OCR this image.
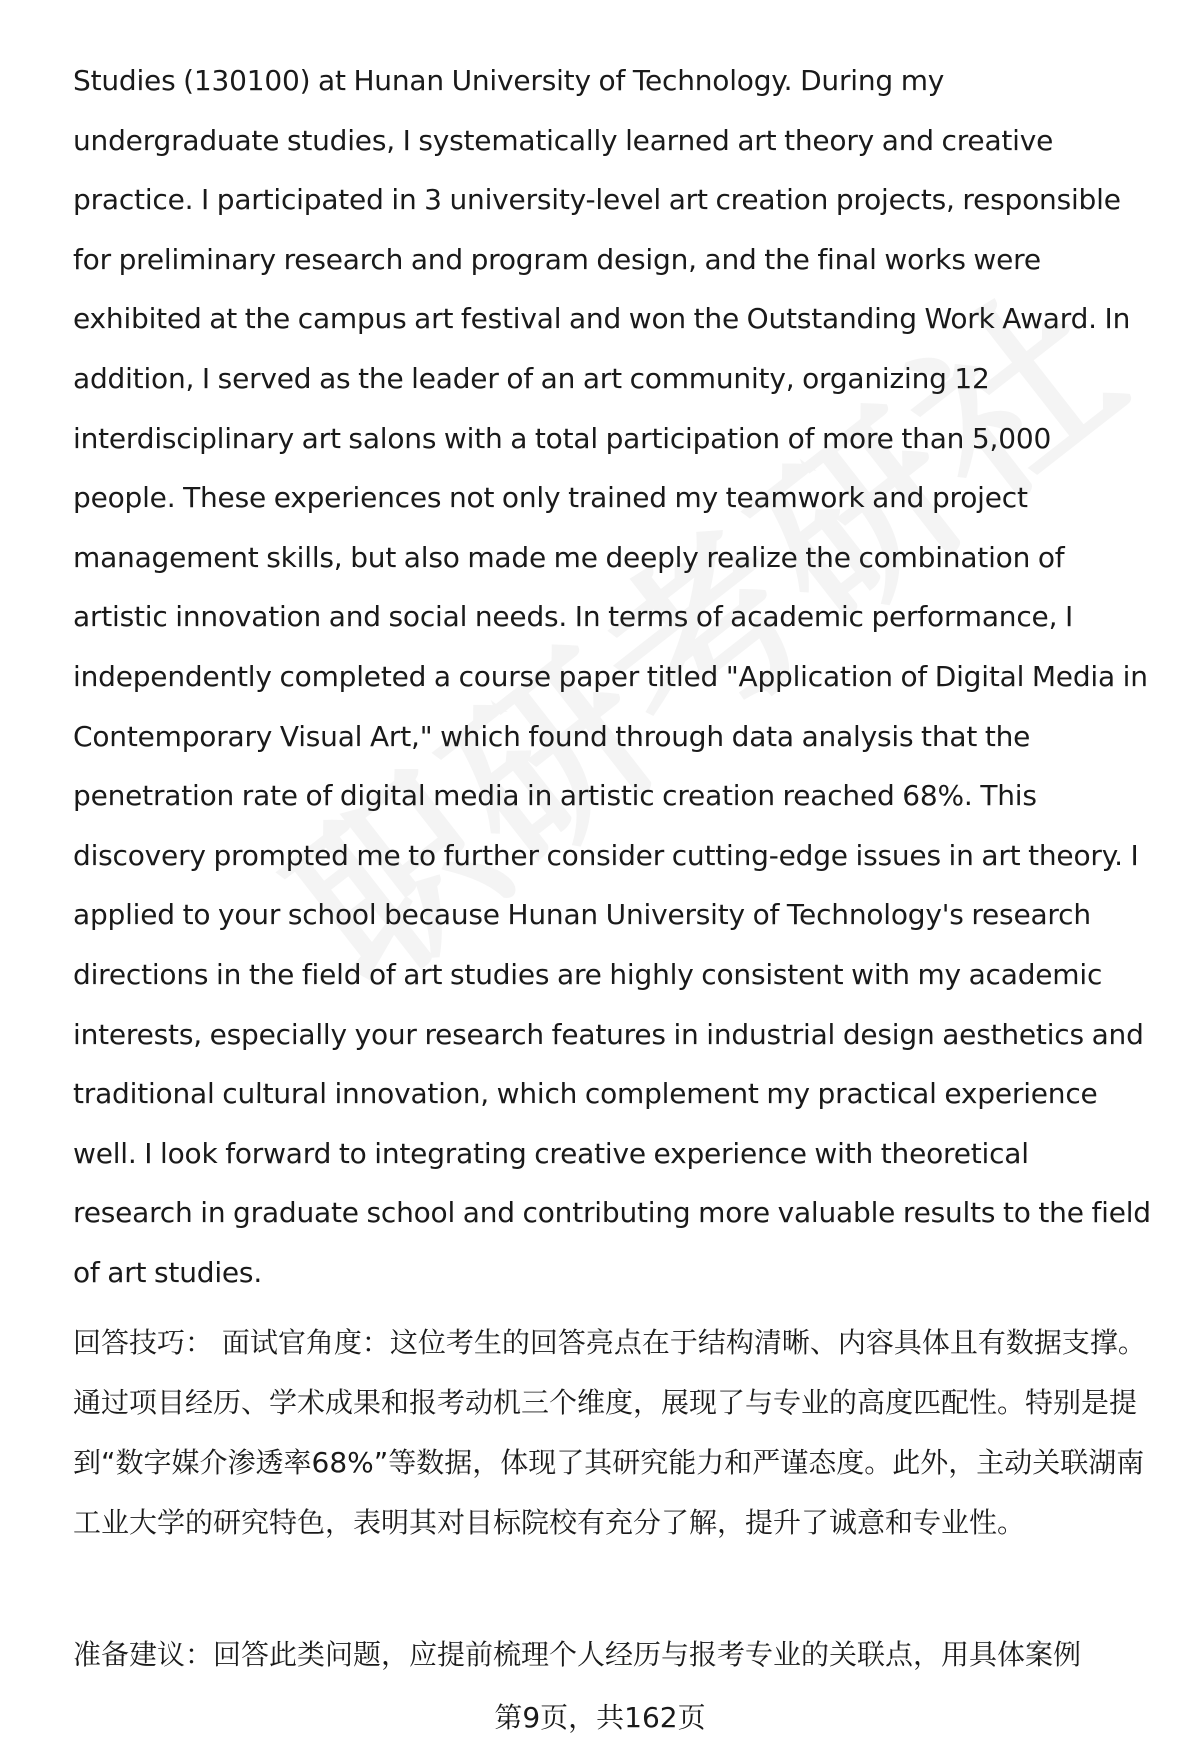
Studies (130100) at Hunan University of Technology. During my undergraduate studies, I systematically learned art theory and creative practice. I participated in 3 university-level art creation projects, responsible for preliminary research and program design, and the final works were exhibited at the campus art festival and won the Outstanding Work Award. In addition, I served as the leader of an art community, organizing 12 interdisciplinary art salons with a total participation of more than 5,000 people. These experiences not only trained my teamwork and project management skills, but also made me deeply realize the combination of artistic innovation and social needs. In terms of academic performance, I independently completed a course paper titled "Application of Digital Media in Contemporary Visual Art," which found through data analysis that the penetration rate of digital media in artistic creation reached 68%. This discovery prompted me to further consider cutting-edge issues in art theory. I applied to your school because Hunan University of Technology's research directions in the field of art studies are highly consistent with my academic interests, especially your research features in industrial design aesthetics and traditional cultural innovation, which complement my practical experience well. I look forward to integrating creative experience with theoretical research in graduate school and contributing more valuable results to the field of art studies.

回答技巧： 面试官角度：这位考生的回答亮点在于结构清晰、内容具体且有数据支撑。通过项目经历、学术成果和报考动机三个维度，展现了与专业的高度匹配性。特别是提到“数字媒介渗透率68%”等数据，体现了其研究能力和严谨态度。此外，主动关联湖南工业大学的研究特色，表明其对目标院校有充分了解，提升了诚意和专业性。

准备建议：回答此类问题，应提前梳理个人经历与报考专业的关联点，用具体案例

第9页，共162页
